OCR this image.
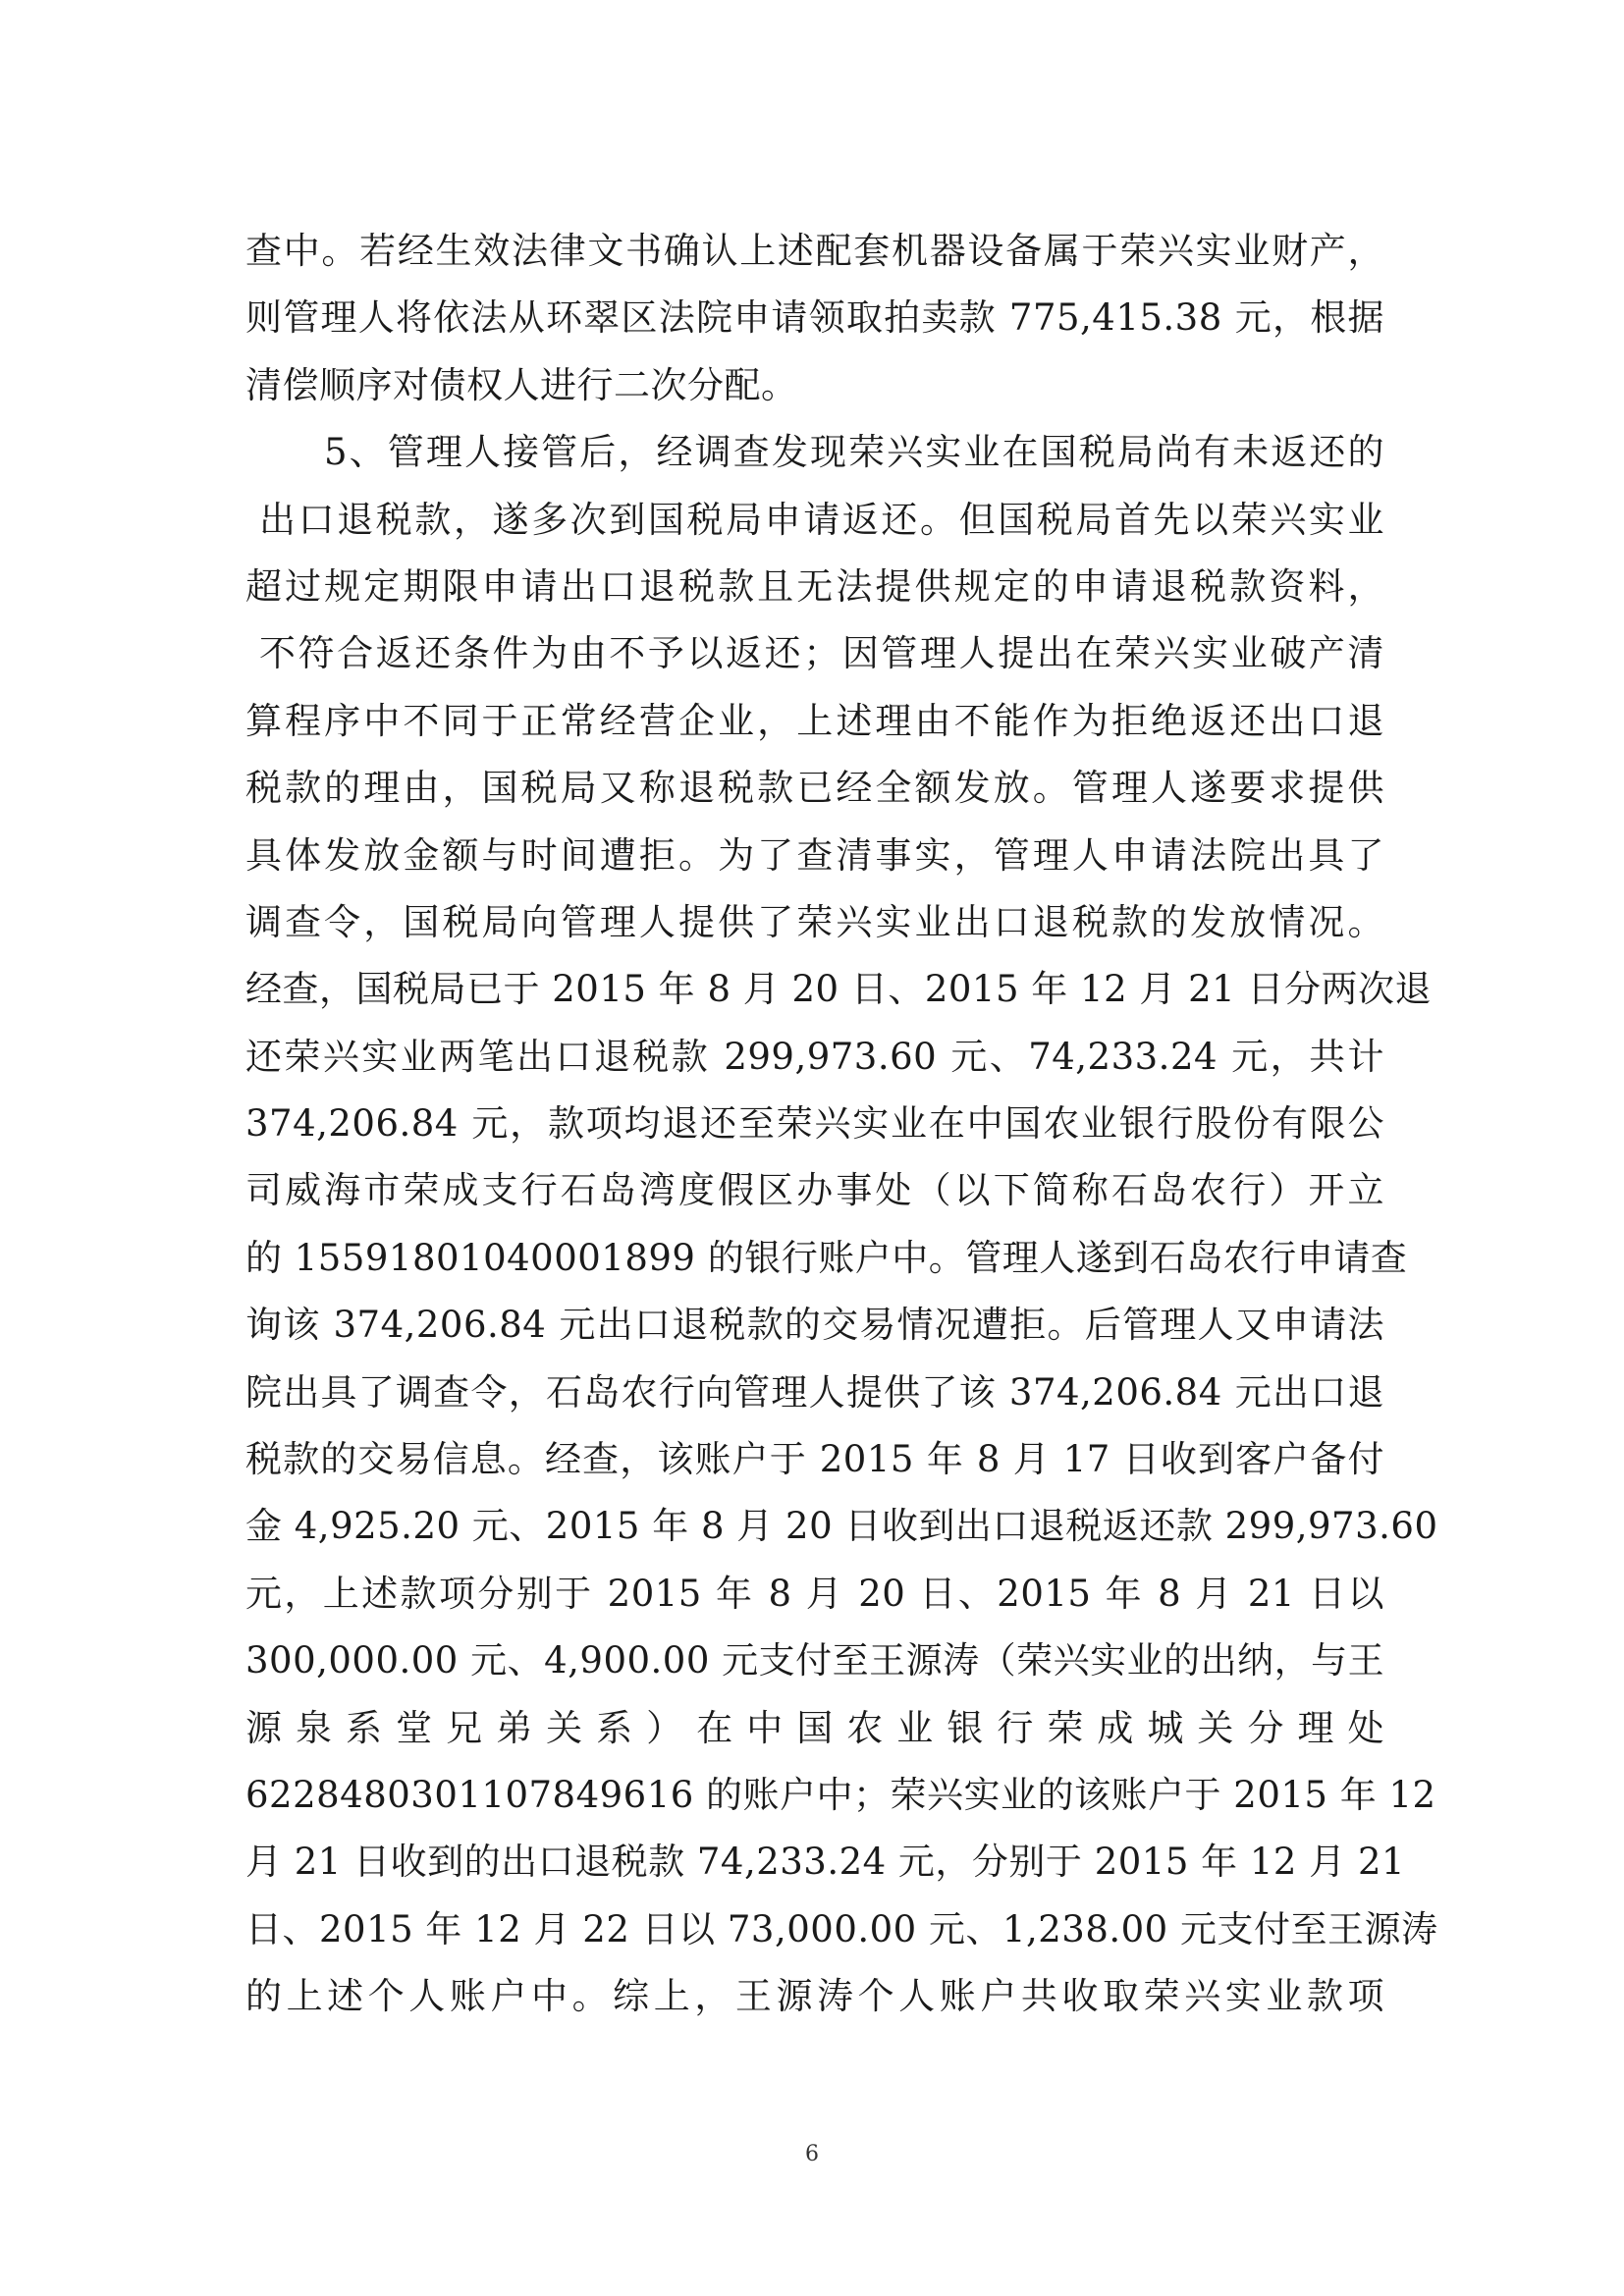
查中。若经生效法律文书确认上述配套机器设备属于荣兴实业财产，
则管理人将依法从环翠区法院申请领取拍卖款 775,415.38 元，根据
清偿顺序对债权人进行二次分配。
5、管理人接管后，经调查发现荣兴实业在国税局尚有未返还的
出口退税款，遂多次到国税局申请返还。但国税局首先以荣兴实业
超过规定期限申请出口退税款且无法提供规定的申请退税款资料，
不符合返还条件为由不予以返还；因管理人提出在荣兴实业破产清
算程序中不同于正常经营企业，上述理由不能作为拒绝返还出口退
税款的理由，国税局又称退税款已经全额发放。管理人遂要求提供
具体发放金额与时间遭拒。为了查清事实，管理人申请法院出具了
调查令，国税局向管理人提供了荣兴实业出口退税款的发放情况。
经查，国税局已于 2015 年 8 月 20 日、2015 年 12 月 21 日分两次退
还荣兴实业两笔出口退税款 299,973.60 元、74,233.24 元，共计
374,206.84 元，款项均退还至荣兴实业在中国农业银行股份有限公
司威海市荣成支行石岛湾度假区办事处（以下简称石岛农行）开立
的 15591801040001899 的银行账户中。管理人遂到石岛农行申请查
询该 374,206.84 元出口退税款的交易情况遭拒。后管理人又申请法
院出具了调查令，石岛农行向管理人提供了该 374,206.84 元出口退
税款的交易信息。经查，该账户于 2015 年 8 月 17 日收到客户备付
金 4,925.20 元、2015 年 8 月 20 日收到出口退税返还款 299,973.60
元，上述款项分别于 2015 年 8 月 20 日、2015 年 8 月 21 日以
300,000.00 元、4,900.00 元支付至王源涛（荣兴实业的出纳，与王
源泉系堂兄弟关系）在中国农业银行荣成城关分理处
6228480301107849616 的账户中；荣兴实业的该账户于 2015 年 12
月 21 日收到的出口退税款 74,233.24 元，分别于 2015 年 12 月 21
日、2015 年 12 月 22 日以 73,000.00 元、1,238.00 元支付至王源涛
的上述个人账户中。综上，王源涛个人账户共收取荣兴实业款项
6
